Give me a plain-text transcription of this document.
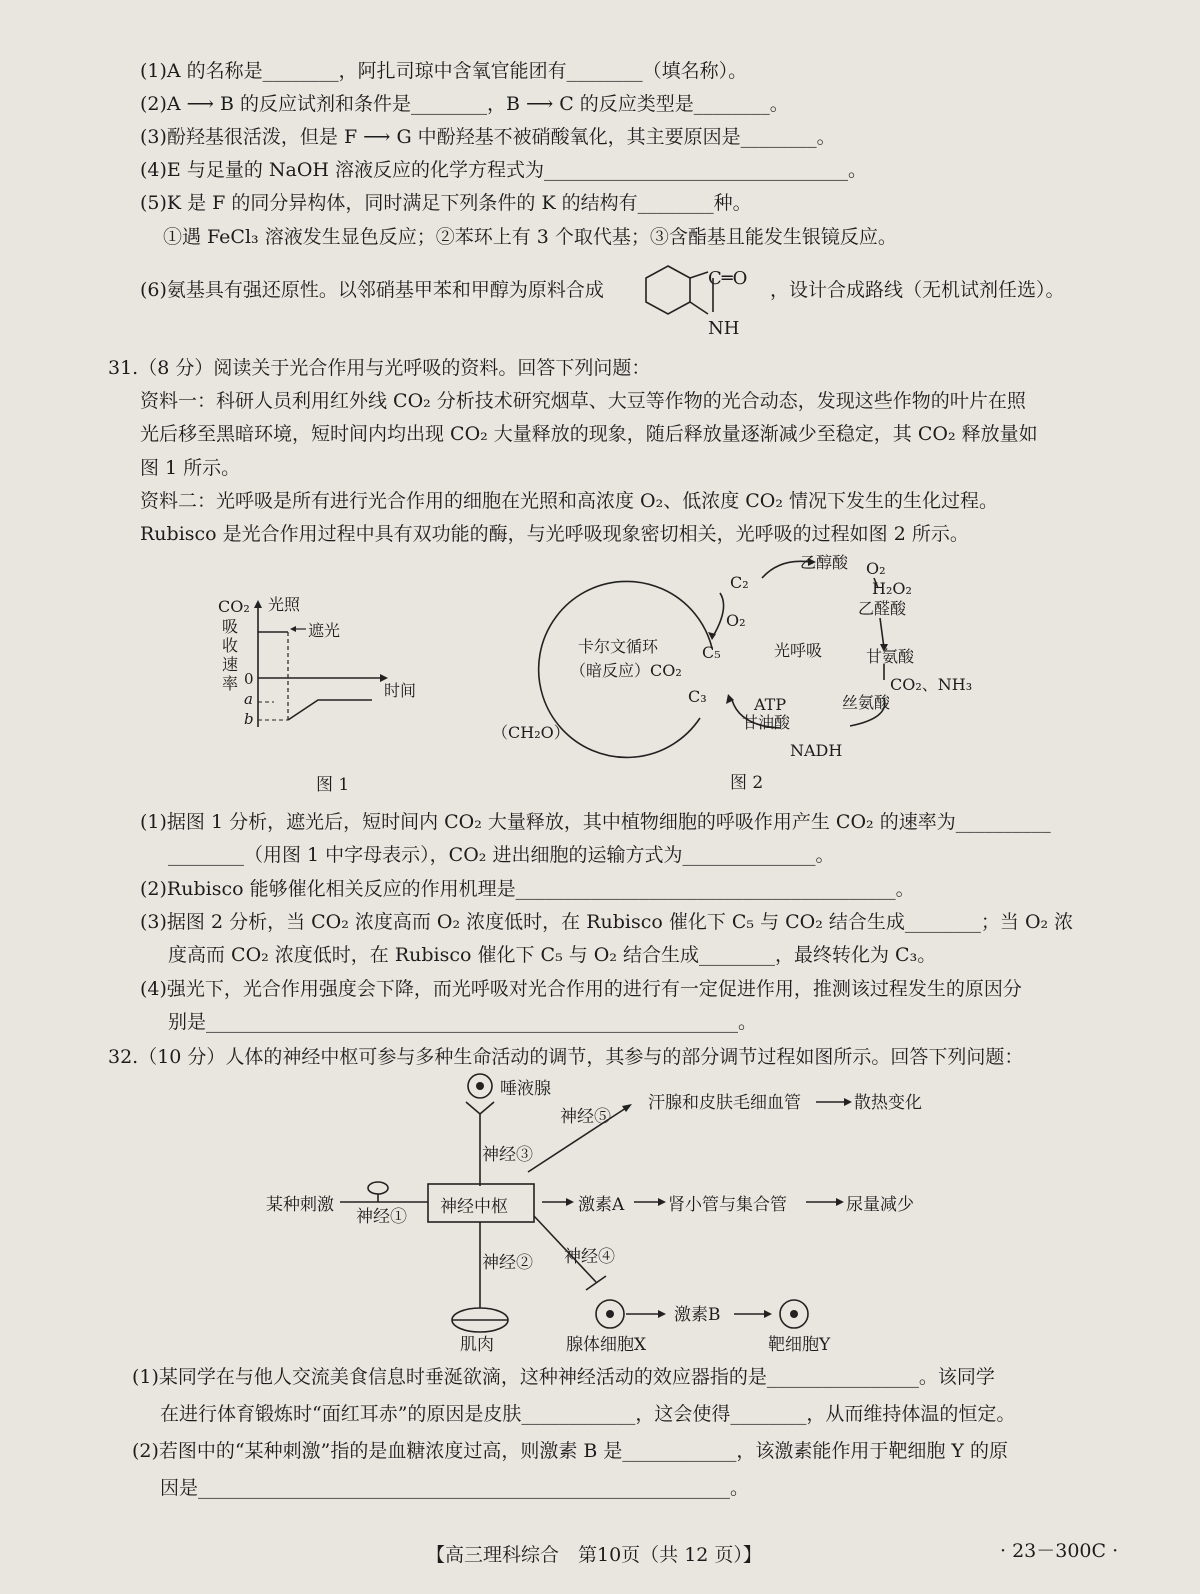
(1)A 的名称是________，阿扎司琼中含氧官能团有________（填名称）。
(2)A ⟶ B 的反应试剂和条件是________，B ⟶ C 的反应类型是________。
(3)酚羟基很活泼，但是 F ⟶ G 中酚羟基不被硝酸氧化，其主要原因是________。
(4)E 与足量的 NaOH 溶液反应的化学方程式为________________________________。
(5)K 是 F 的同分异构体，同时满足下列条件的 K 的结构有________种。
①遇 FeCl₃ 溶液发生显色反应；②苯环上有 3 个取代基；③含酯基且能发生银镜反应。
(6)氨基具有强还原性。以邻硝基甲苯和甲醇为原料合成
C═O
NH
，设计合成路线（无机试剂任选）。
31.（8 分）阅读关于光合作用与光呼吸的资料。回答下列问题：
资料一：科研人员利用红外线 CO₂ 分析技术研究烟草、大豆等作物的光合动态，发现这些作物的叶片在照
光后移至黑暗环境，短时间内均出现 CO₂ 大量释放的现象，随后释放量逐渐减少至稳定，其 CO₂ 释放量如
图 1 所示。
资料二：光呼吸是所有进行光合作用的细胞在光照和高浓度 O₂、低浓度 CO₂ 情况下发生的生化过程。
Rubisco 是光合作用过程中具有双功能的酶，与光呼吸现象密切相关，光呼吸的过程如图 2 所示。
CO₂
吸
收
速
率	时间
0
a
b
光照
遮光
图 1
卡尔文循环
（暗反应）CO₂
C₂
O₂
C₅
C₃
（CH₂O）
光呼吸
乙醇酸 O₂
H₂O₂
乙醛酸
甘氨酸
CO₂、NH₃
丝氨酸
ATP
甘油酸
NADH
图 2
(1)据图 1 分析，遮光后，短时间内 CO₂ 大量释放，其中植物细胞的呼吸作用产生 CO₂ 的速率为__________
________（用图 1 中字母表示），CO₂ 进出细胞的运输方式为______________。
(2)Rubisco 能够催化相关反应的作用机理是________________________________________。
(3)据图 2 分析，当 CO₂ 浓度高而 O₂ 浓度低时，在 Rubisco 催化下 C₅ 与 CO₂ 结合生成________；当 O₂ 浓
度高而 CO₂ 浓度低时，在 Rubisco 催化下 C₅ 与 O₂ 结合生成________，最终转化为 C₃。
(4)强光下，光合作用强度会下降，而光呼吸对光合作用的进行有一定促进作用，推测该过程发生的原因分
别是________________________________________________________。
32.（10 分）人体的神经中枢可参与多种生命活动的调节，其参与的部分调节过程如图所示。回答下列问题：
唾液腺
神经③
神经⑤
汗腺和皮肤毛细血管	散热变化
某种刺激
神经① 神经中枢	激素A	肾小管与集合管	尿量减少
神经② 神经④
肌肉	腺体细胞X
激素B
靶细胞Y
(1)某同学在与他人交流美食信息时垂涎欲滴，这种神经活动的效应器指的是________________。该同学
在进行体育锻炼时“面红耳赤”的原因是皮肤____________，这会使得________，从而维持体温的恒定。
(2)若图中的“某种刺激”指的是血糖浓度过高，则激素 B 是____________，该激素能作用于靶细胞 Y 的原
因是________________________________________________________。
【高三理科综合　第10页（共 12 页）】	· 23－300C ·
